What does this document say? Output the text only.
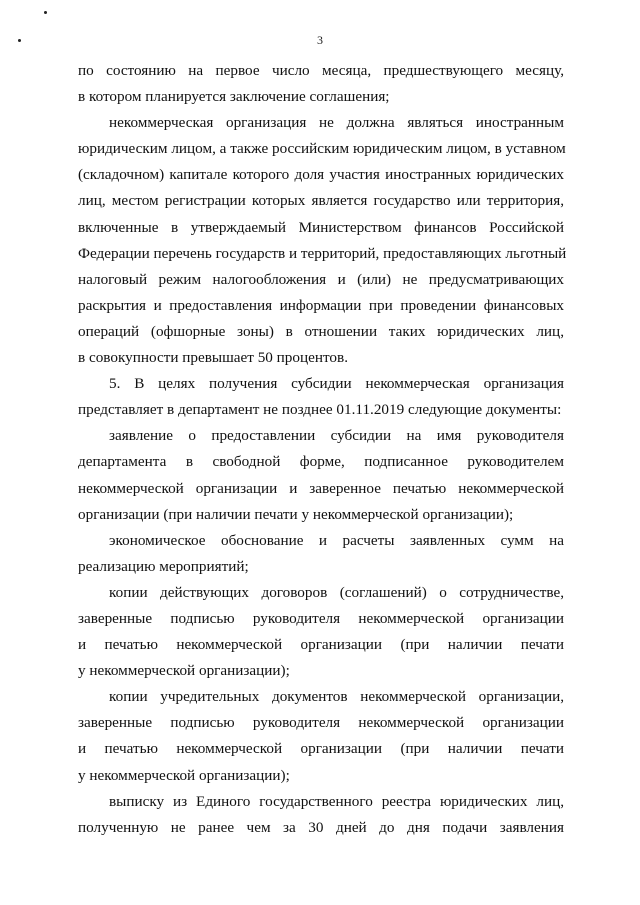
3
по состоянию на первое число месяца, предшествующего месяцу,
в котором планируется заключение соглашения;
некоммерческая организация не должна являться иностранным
юридическим лицом, а также российским юридическим лицом, в уставном
(складочном) капитале которого доля участия иностранных юридических
лиц, местом регистрации которых является государство или территория,
включенные в утверждаемый Министерством финансов Российской
Федерации перечень государств и территорий, предоставляющих льготный
налоговый режим налогообложения и (или) не предусматривающих
раскрытия и предоставления информации при проведении финансовых
операций (офшорные зоны) в отношении таких юридических лиц,
в совокупности превышает 50 процентов.
5. В целях получения субсидии некоммерческая организация
представляет в департамент не позднее 01.11.2019 следующие документы:
заявление о предоставлении субсидии на имя руководителя
департамента в свободной форме, подписанное руководителем
некоммерческой организации и заверенное печатью некоммерческой
организации (при наличии печати у некоммерческой организации);
экономическое обоснование и расчеты заявленных сумм на
реализацию мероприятий;
копии действующих договоров (соглашений) о сотрудничестве,
заверенные подписью руководителя некоммерческой организации
и печатью некоммерческой организации (при наличии печати
у некоммерческой организации);
копии учредительных документов некоммерческой организации,
заверенные подписью руководителя некоммерческой организации
и печатью некоммерческой организации (при наличии печати
у некоммерческой организации);
выписку из Единого государственного реестра юридических лиц,
полученную не ранее чем за 30 дней до дня подачи заявления
